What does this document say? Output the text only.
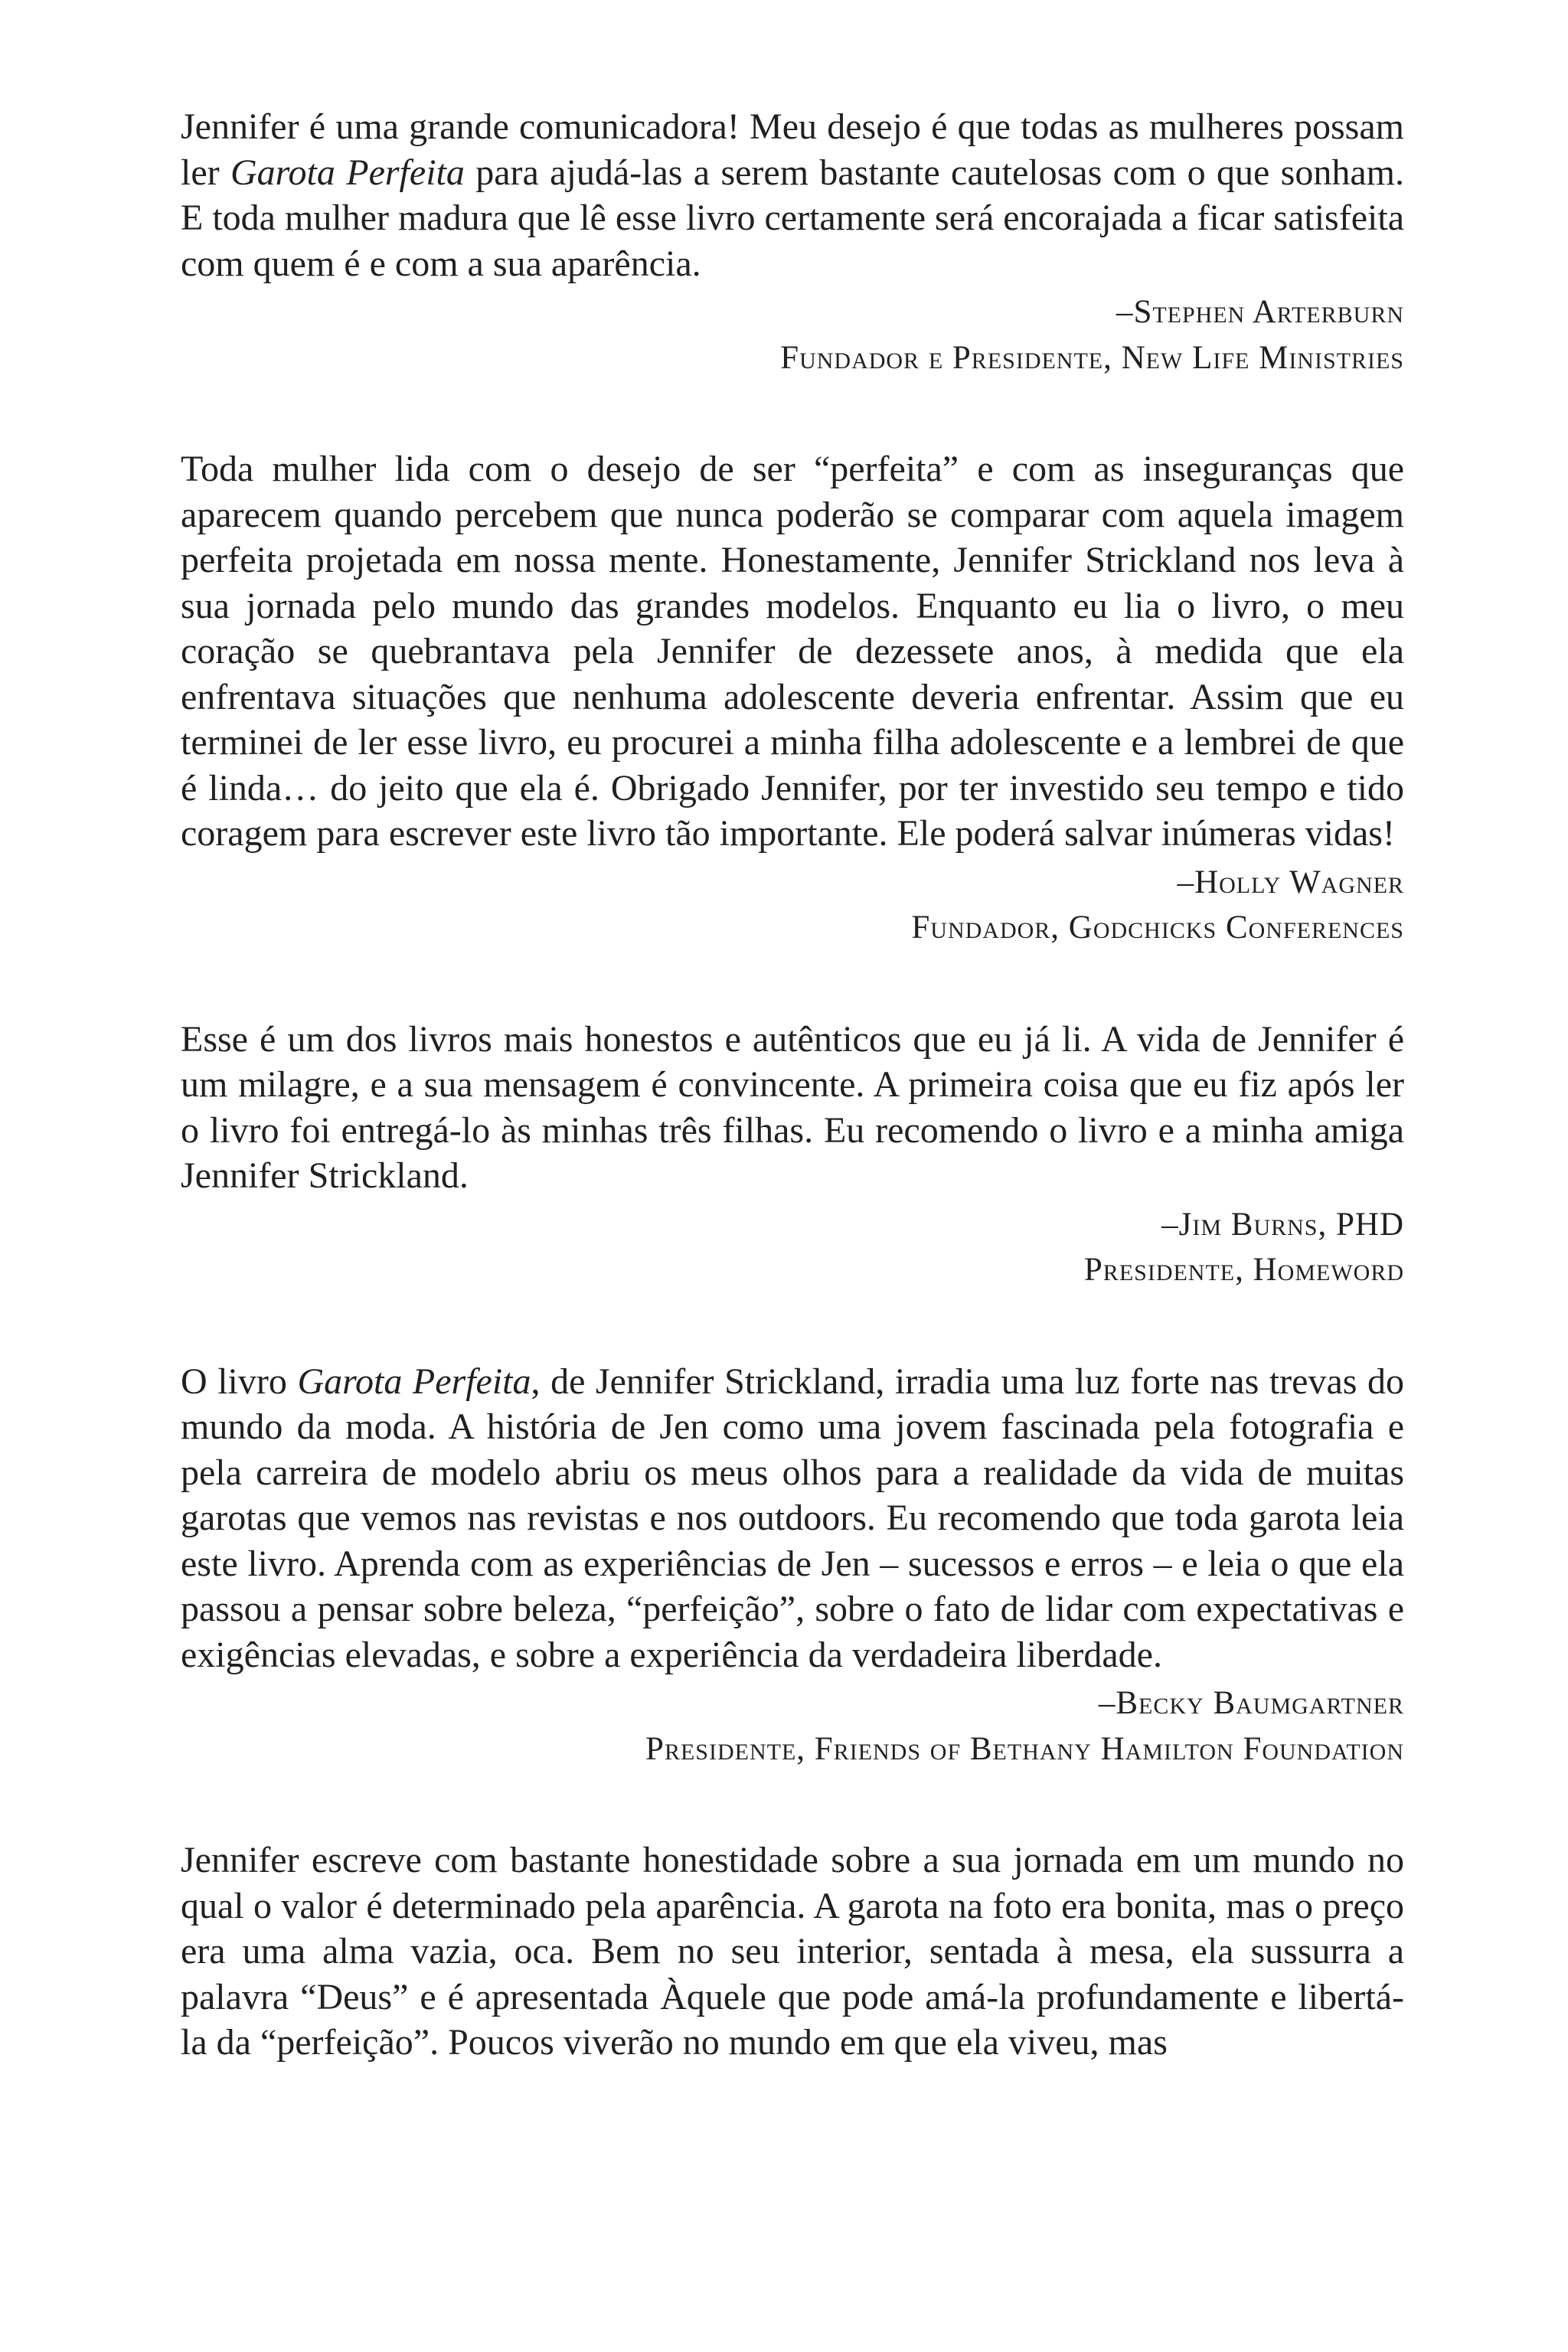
Jennifer é uma grande comunicadora! Meu desejo é que todas as mulheres possam ler Garota Perfeita para ajudá-las a serem bastante cautelosas com o que sonham. E toda mulher madura que lê esse livro certamente será encorajada a ficar satisfeita com quem é e com a sua aparência.

–Stephen Arterburn
Fundador e Presidente, New Life Ministries

Toda mulher lida com o desejo de ser “perfeita” e com as inseguranças que aparecem quando percebem que nunca poderão se comparar com aquela imagem perfeita projetada em nossa mente. Honestamente, Jennifer Strickland nos leva à sua jornada pelo mundo das grandes modelos. Enquanto eu lia o livro, o meu coração se quebrantava pela Jennifer de dezessete anos, à medida que ela enfrentava situações que nenhuma adolescente deveria enfrentar. Assim que eu terminei de ler esse livro, eu procurei a minha filha adolescente e a lembrei de que é linda… do jeito que ela é. Obrigado Jennifer, por ter investido seu tempo e tido coragem para escrever este livro tão importante. Ele poderá salvar inúmeras vidas!

–Holly Wagner
Fundador, Godchicks Conferences

Esse é um dos livros mais honestos e autênticos que eu já li. A vida de Jennifer é um milagre, e a sua mensagem é convincente. A primeira coisa que eu fiz após ler o livro foi entregá-lo às minhas três filhas. Eu recomendo o livro e a minha amiga Jennifer Strickland.

–Jim Burns, PHD
Presidente, Homeword

O livro Garota Perfeita, de Jennifer Strickland, irradia uma luz forte nas trevas do mundo da moda. A história de Jen como uma jovem fascinada pela fotografia e pela carreira de modelo abriu os meus olhos para a realidade da vida de muitas garotas que vemos nas revistas e nos outdoors. Eu recomendo que toda garota leia este livro. Aprenda com as experiências de Jen – sucessos e erros – e leia o que ela passou a pensar sobre beleza, “perfeição”, sobre o fato de lidar com expectativas e exigências elevadas, e sobre a experiência da verdadeira liberdade.

–Becky Baumgartner
Presidente, Friends of Bethany Hamilton Foundation

Jennifer escreve com bastante honestidade sobre a sua jornada em um mundo no qual o valor é determinado pela aparência. A garota na foto era bonita, mas o preço era uma alma vazia, oca. Bem no seu interior, sentada à mesa, ela sussurra a palavra “Deus” e é apresentada Àquele que pode amá-la profundamente e libertá-la da “perfeição”. Poucos viverão no mundo em que ela viveu, mas
